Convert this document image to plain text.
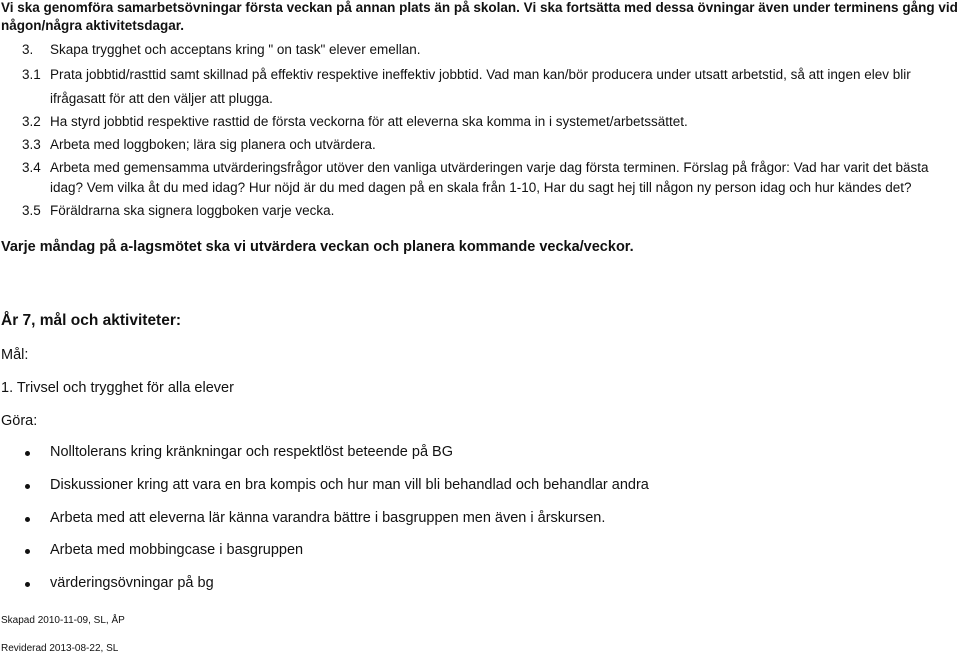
Vi ska genomföra samarbetsövningar första veckan på annan plats än på skolan. Vi ska fortsätta med dessa övningar även under terminens gång vid
någon/några aktivitetsdagar.
3. Skapa trygghet och acceptans kring " on task" elever emellan.
3.1 Prata jobbtid/rasttid samt skillnad på effektiv respektive ineffektiv jobbtid. Vad man kan/bör producera under utsatt arbetstid, så att ingen elev blir
ifrågasatt för att den väljer att plugga.
3.2 Ha styrd jobbtid respektive rasttid de första veckorna för att eleverna ska komma in i systemet/arbetssättet.
3.3 Arbeta med loggboken; lära sig planera och utvärdera.
3.4 Arbeta med gemensamma utvärderingsfrågor utöver den vanliga utvärderingen varje dag första terminen. Förslag på frågor: Vad har varit det bästa
idag? Vem vilka åt du med idag? Hur nöjd är du med dagen på en skala från 1-10, Har du sagt hej till någon ny person idag och hur kändes det?
3.5 Föräldrarna ska signera loggboken varje vecka.
Varje måndag på a-lagsmötet ska vi utvärdera veckan och planera kommande vecka/veckor.
År 7, mål och aktiviteter:
Mål:
1. Trivsel och trygghet för alla elever
Göra:
Nolltolerans kring kränkningar och respektlöst beteende på BG
Diskussioner kring att vara en bra kompis och hur man vill bli behandlad och behandlar andra
Arbeta med att eleverna lär känna varandra bättre i basgruppen men även i årskursen.
Arbeta med mobbingcase i basgruppen
värderingsövningar på bg
Skapad 2010-11-09, SL, ÅP
Reviderad 2013-08-22, SL
